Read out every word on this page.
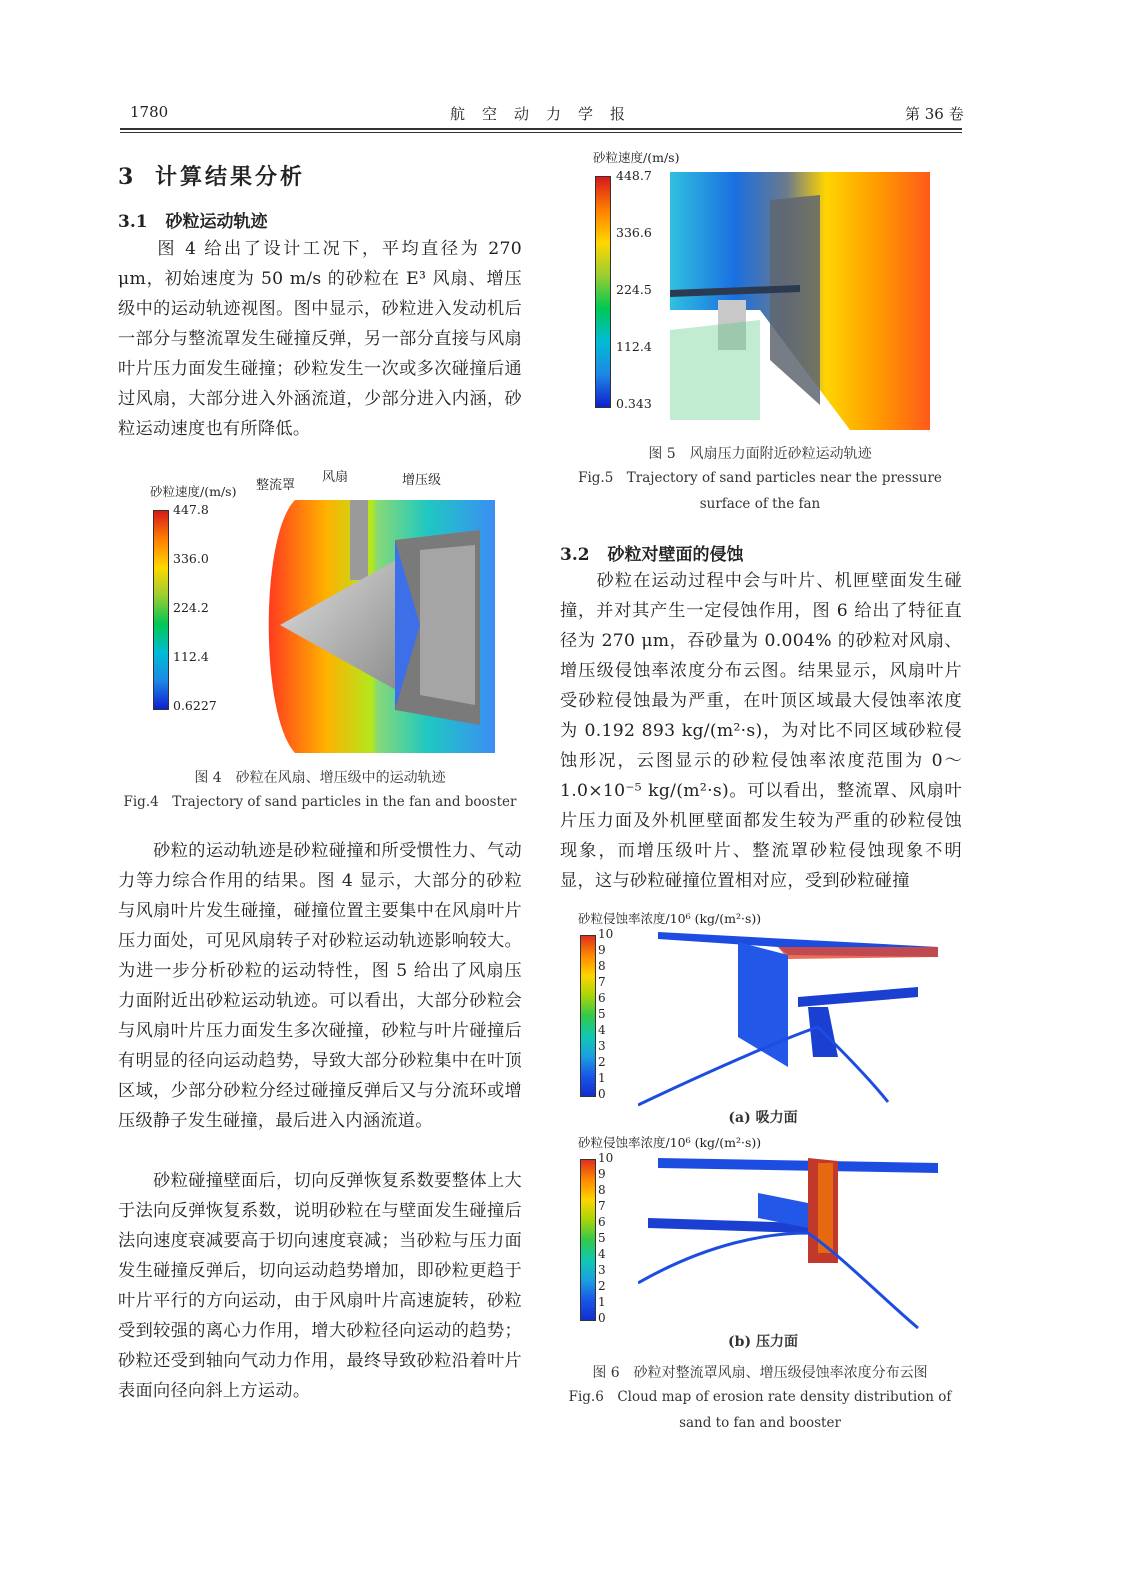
1780	航　空　动　力　学　报	第 36 卷
3 计算结果分析
3.1 砂粒运动轨迹

　　图 4 给出了设计工况下，平均直径为 270 μm，初始速度为 50 m/s 的砂粒在 E³ 风扇、增压级中的运动轨迹视图。图中显示，砂粒进入发动机后一部分与整流罩发生碰撞反弹，另一部分直接与风扇叶片压力面发生碰撞；砂粒发生一次或多次碰撞后通过风扇，大部分进入外涵流道，少部分进入内涵，砂粒运动速度也有所降低。

砂粒速度/(m/s) 整流罩
风扇	增压级
447.8
336.0
224.2
112.4
0.6227
图 4　砂粒在风扇、增压级中的运动轨迹
Fig.4　Trajectory of sand particles in the fan and booster

　　砂粒的运动轨迹是砂粒碰撞和所受惯性力、气动力等力综合作用的结果。图 4 显示，大部分的砂粒与风扇叶片发生碰撞，碰撞位置主要集中在风扇叶片压力面处，可见风扇转子对砂粒运动轨迹影响较大。为进一步分析砂粒的运动特性，图 5 给出了风扇压力面附近出砂粒运动轨迹。可以看出，大部分砂粒会与风扇叶片压力面发生多次碰撞，砂粒与叶片碰撞后有明显的径向运动趋势，导致大部分砂粒集中在叶顶区域，少部分砂粒分经过碰撞反弹后又与分流环或增压级静子发生碰撞，最后进入内涵流道。

　　砂粒碰撞壁面后，切向反弹恢复系数要整体上大于法向反弹恢复系数，说明砂粒在与壁面发生碰撞后法向速度衰减要高于切向速度衰减；当砂粒与压力面发生碰撞反弹后，切向运动趋势增加，即砂粒更趋于叶片平行的方向运动，由于风扇叶片高速旋转，砂粒受到较强的离心力作用，增大砂粒径向运动的趋势；砂粒还受到轴向气动力作用，最终导致砂粒沿着叶片表面向径向斜上方运动。

砂粒速度/(m/s)
448.7
336.6
224.5
112.4
0.343
图 5　风扇压力面附近砂粒运动轨迹
Fig.5　Trajectory of sand particles near the pressure
surface of the fan
3.2 砂粒对壁面的侵蚀

　　砂粒在运动过程中会与叶片、机匣壁面发生碰撞，并对其产生一定侵蚀作用，图 6 给出了特征直径为 270 μm，吞砂量为 0.004% 的砂粒对风扇、增压级侵蚀率浓度分布云图。结果显示，风扇叶片受砂粒侵蚀最为严重，在叶顶区域最大侵蚀率浓度为 0.192 893 kg/(m²·s)，为对比不同区域砂粒侵蚀形况，云图显示的砂粒侵蚀率浓度范围为 0～1.0×10⁻⁵ kg/(m²·s)。可以看出，整流罩、风扇叶片压力面及外机匣壁面都发生较为严重的砂粒侵蚀现象，而增压级叶片、整流罩砂粒侵蚀现象不明显，这与砂粒碰撞位置相对应，受到砂粒碰撞

砂粒侵蚀率浓度/10⁶ (kg/(m²·s))
10
9
8
7
6
5
4
3
2
1
0
(a) 吸力面
砂粒侵蚀率浓度/10⁶ (kg/(m²·s))
10
9
8
7
6
5
4
3
2
1
0
(b) 压力面
图 6　砂粒对整流罩风扇、增压级侵蚀率浓度分布云图
Fig.6　Cloud map of erosion rate density distribution of
sand to fan and booster
